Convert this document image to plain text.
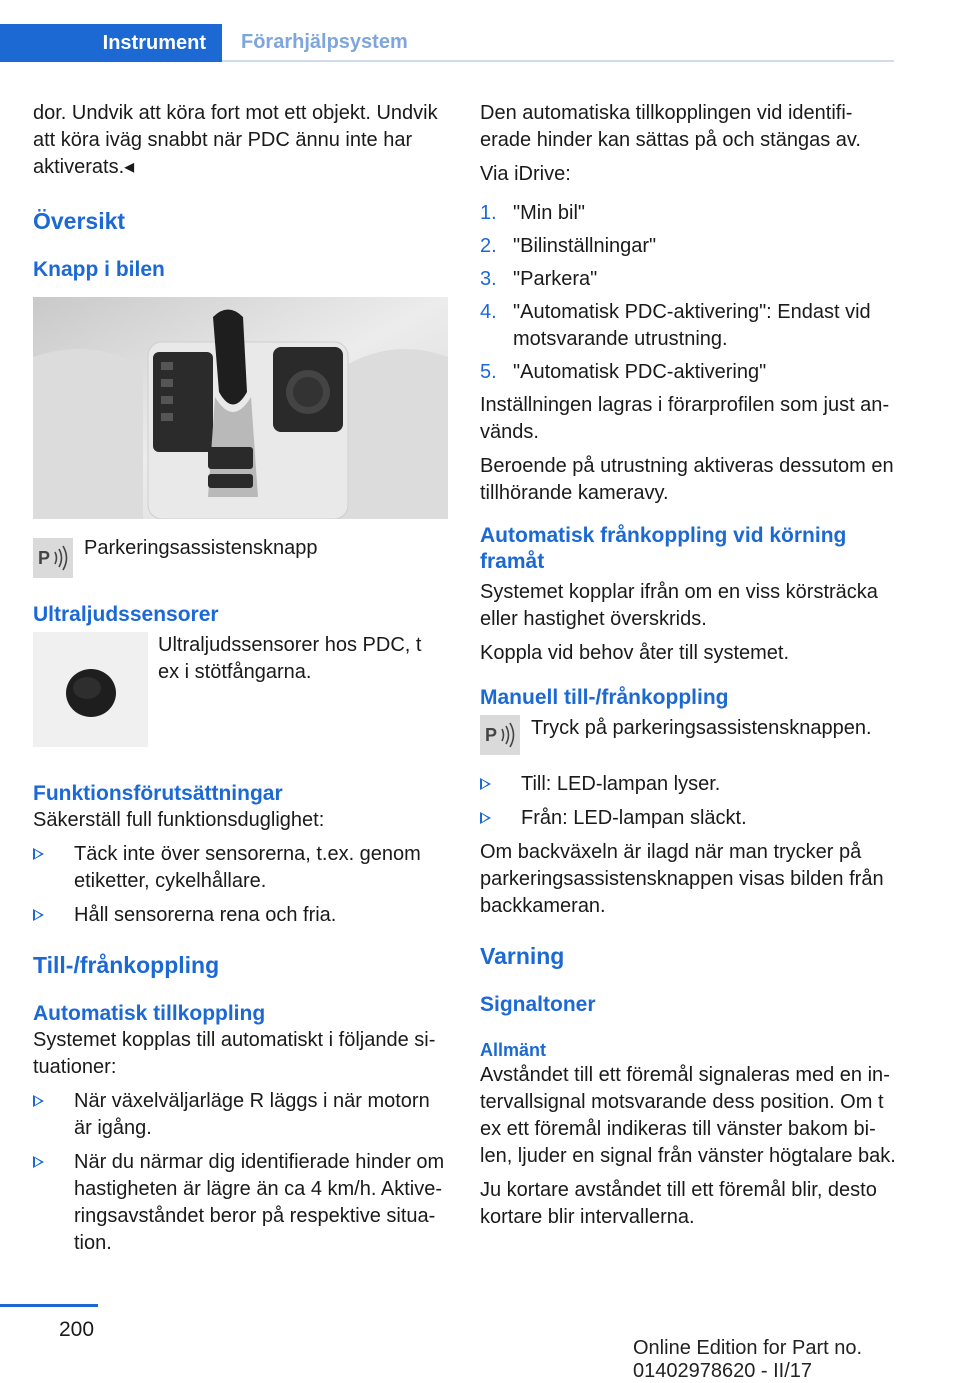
Instrument	Förarhjälpsystem

dor. Undvik att köra fort mot ett objekt. Undvik att köra iväg snabbt när PDC ännu inte har aktiverats.◂

Översikt
Knapp i bilen
P Parkeringsassistensknapp
Ultraljudssensorer

Ultraljudssensorer hos PDC, t ex i stötfångarna.

Funktionsförutsättningar

Säkerställ full funktionsduglighet:

Täck inte över sensorerna, t.ex. genom etiketter, cykelhållare.
Håll sensorerna rena och fria.
Till-/frånkoppling
Automatisk tillkoppling

Systemet kopplas till automatiskt i följande situationer:

När växelväljarläge R läggs i när motorn är igång.
När du närmar dig identifierade hinder om hastigheten är lägre än ca 4 km/h. Aktiveringsavståndet beror på respektive situation.

Den automatiska tillkopplingen vid identifierade hinder kan sättas på och stängas av.

Via iDrive:

1. "Min bil"
2. "Bilinställningar"
3. "Parkera"
4. "Automatisk PDC-aktivering": Endast vid motsvarande utrustning.
5. "Automatisk PDC-aktivering"

Inställningen lagras i förarprofilen som just används.

Beroende på utrustning aktiveras dessutom en tillhörande kameravy.

Automatisk frånkoppling vid körning framåt

Systemet kopplar ifrån om en viss körsträcka eller hastighet överskrids.

Koppla vid behov åter till systemet.

Manuell till-/frånkoppling
P Tryck på parkeringsassistensknappen.
Till: LED-lampan lyser.
Från: LED-lampan släckt.

Om backväxeln är ilagd när man trycker på parkeringsassistensknappen visas bilden från backkameran.

Varning
Signaltoner
Allmänt

Avståndet till ett föremål signaleras med en intervallsignal motsvarande dess position. Om t ex ett föremål indikeras till vänster bakom bilen, ljuder en signal från vänster högtalare bak.

Ju kortare avståndet till ett föremål blir, desto kortare blir intervallerna.

200
Online Edition for Part no. 01402978620 - II/17
